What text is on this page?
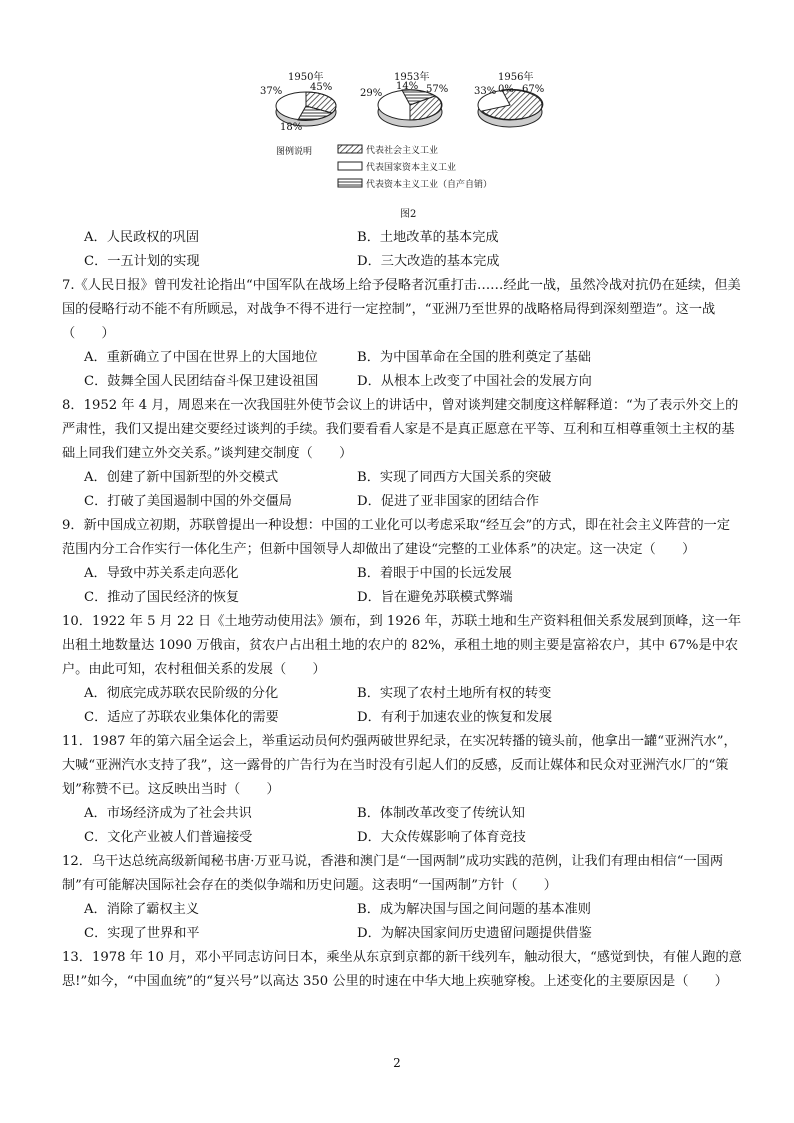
1950年
37%	45%
18%
1953年
29%
14% 57%
1956年
33% 0% 67%
图例说明	代表社会主义工业
代表国家资本主义工业
代表资本主义工业（自产自销）
图2
A．人民政权的巩固	B．土地改革的基本完成
C．一五计划的实现	D．三大改造的基本完成
7.《人民日报》曾刊发社论指出“中国军队在战场上给予侵略者沉重打击……经此一战，虽然冷战对抗仍在延续，但美国的侵略行动不能不有所顾忌，对战争不得不进行一定控制”，“亚洲乃至世界的战略格局得到深刻塑造”。这一战（　　）
A．重新确立了中国在世界上的大国地位	B．为中国革命在全国的胜利奠定了基础
C．鼓舞全国人民团结奋斗保卫建设祖国	D．从根本上改变了中国社会的发展方向
8．1952 年 4 月，周恩来在一次我国驻外使节会议上的讲话中，曾对谈判建交制度这样解释道：“为了表示外交上的严肃性，我们又提出建交要经过谈判的手续。我们要看看人家是不是真正愿意在平等、互利和互相尊重领土主权的基础上同我们建立外交关系。”谈判建交制度（　　）
A．创建了新中国新型的外交模式	B．实现了同西方大国关系的突破
C．打破了美国遏制中国的外交僵局	D．促进了亚非国家的团结合作
9．新中国成立初期，苏联曾提出一种设想：中国的工业化可以考虑采取“经互会”的方式，即在社会主义阵营的一定范围内分工合作实行一体化生产；但新中国领导人却做出了建设“完整的工业体系”的决定。这一决定（　　）
A．导致中苏关系走向恶化	B．着眼于中国的长远发展
C．推动了国民经济的恢复	D．旨在避免苏联模式弊端
10．1922 年 5 月 22 日《土地劳动使用法》颁布，到 1926 年，苏联土地和生产资料租佃关系发展到顶峰，这一年出租土地数量达 1090 万俄亩，贫农户占出租土地的农户的 82%，承租土地的则主要是富裕农户，其中 67%是中农户。由此可知，农村租佃关系的发展（　　）
A．彻底完成苏联农民阶级的分化	B．实现了农村土地所有权的转变
C．适应了苏联农业集体化的需要	D．有利于加速农业的恢复和发展
11．1987 年的第六届全运会上，举重运动员何灼强两破世界纪录，在实况转播的镜头前，他拿出一罐“亚洲汽水”，大喊“亚洲汽水支持了我”，这一露骨的广告行为在当时没有引起人们的反感，反而让媒体和民众对亚洲汽水厂的“策划”称赞不已。这反映出当时（　　）
A．市场经济成为了社会共识	B．体制改革改变了传统认知
C．文化产业被人们普遍接受	D．大众传媒影响了体育竞技
12．乌干达总统高级新闻秘书唐·万亚马说，香港和澳门是“一国两制”成功实践的范例，让我们有理由相信“一国两制”有可能解决国际社会存在的类似争端和历史问题。这表明“一国两制”方针（　　）
A．消除了霸权主义	B．成为解决国与国之间问题的基本准则
C．实现了世界和平	D．为解决国家间历史遗留问题提供借鉴
13．1978 年 10 月，邓小平同志访问日本，乘坐从东京到京都的新干线列车，触动很大，“感觉到快，有催人跑的意思!”如今，“中国血统”的“复兴号”以高达 350 公里的时速在中华大地上疾驰穿梭。上述变化的主要原因是（　　）
2
